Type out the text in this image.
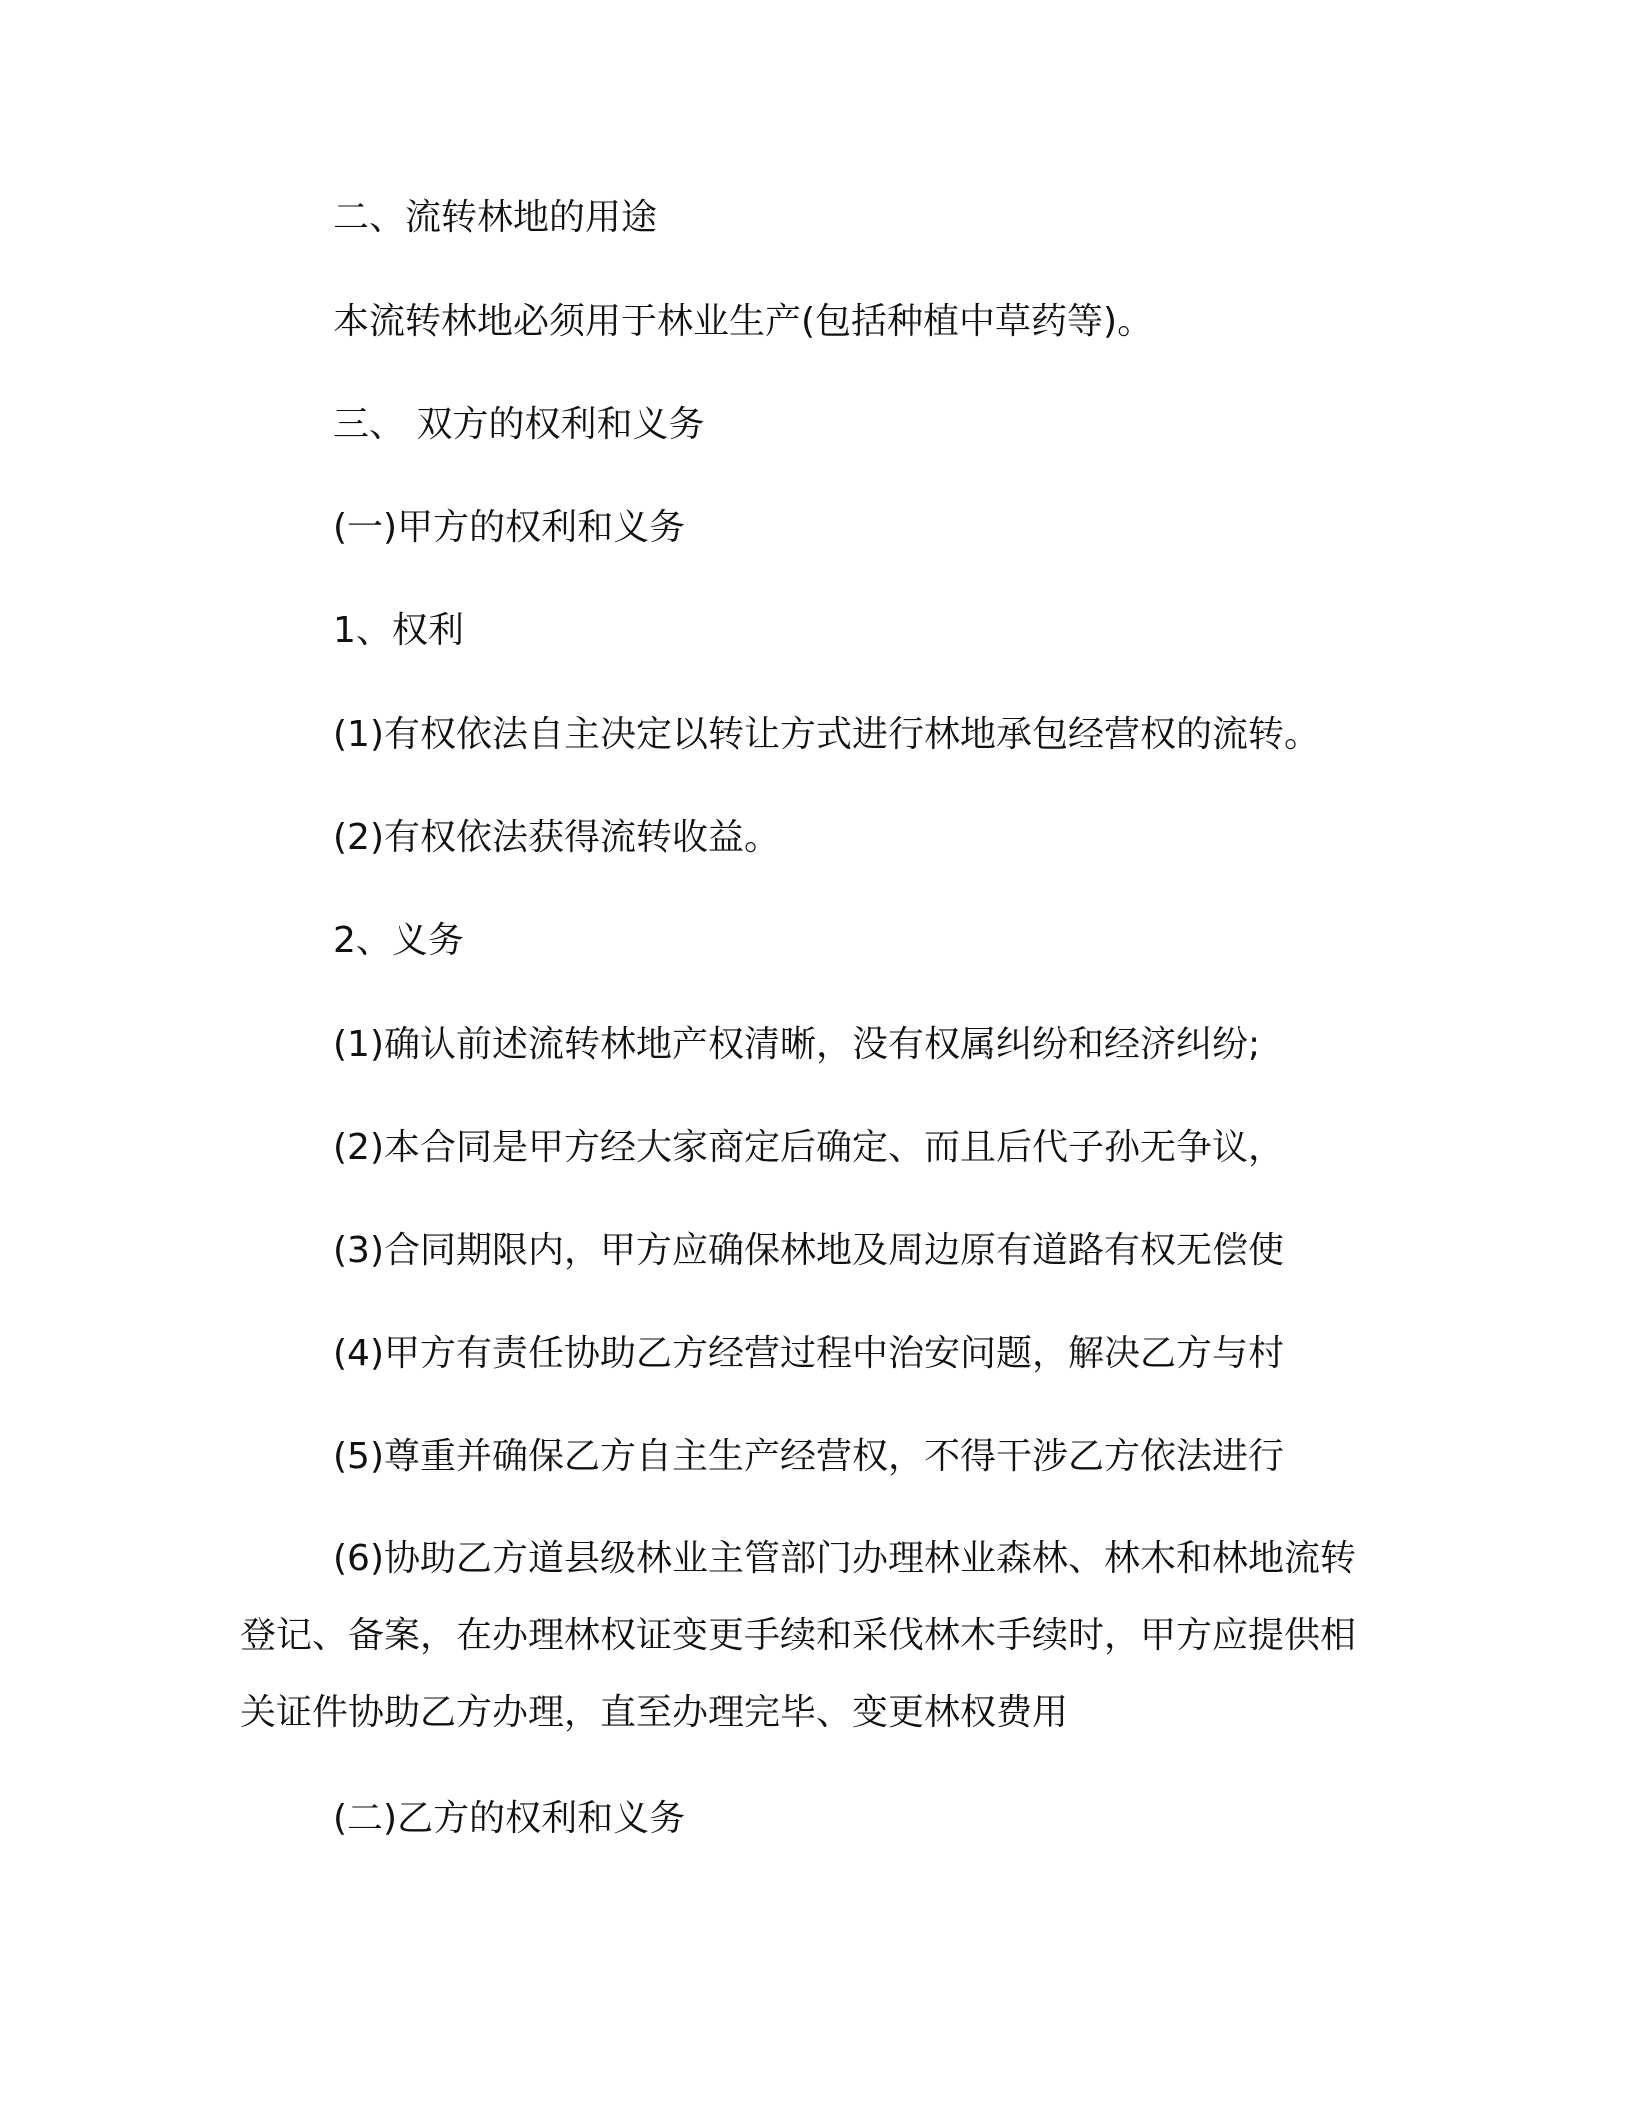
二、流转林地的用途
本流转林地必须用于林业生产(包括种植中草药等)。
三、 双方的权利和义务
(一)甲方的权利和义务
1、权利
(1)有权依法自主决定以转让方式进行林地承包经营权的流转。
(2)有权依法获得流转收益。
2、义务
(1)确认前述流转林地产权清晰，没有权属纠纷和经济纠纷;
(2)本合同是甲方经大家商定后确定、而且后代子孙无争议，
(3)合同期限内，甲方应确保林地及周边原有道路有权无偿使
(4)甲方有责任协助乙方经营过程中治安问题，解决乙方与村
(5)尊重并确保乙方自主生产经营权，不得干涉乙方依法进行
(6)协助乙方道县级林业主管部门办理林业森林、林木和林地流转登记、备案，在办理林权证变更手续和采伐林木手续时，甲方应提供相关证件协助乙方办理，直至办理完毕、变更林权费用
(二)乙方的权利和义务
